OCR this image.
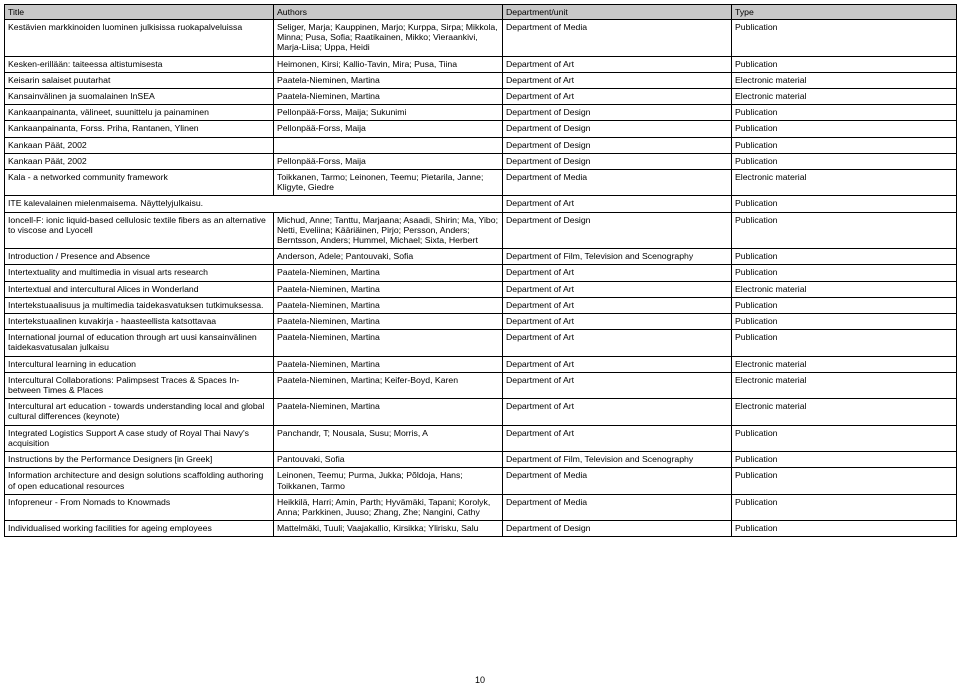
Title	Authors	Department/unit	Type
Kestävien markkinoiden luominen julkisissa ruokapalveluissa	Seliger, Marja; Kauppinen, Marjo; Kurppa, Sirpa; Mikkola, Minna; Pusa, Sofia; Raatikainen, Mikko; Vieraankivi, Marja-Liisa; Uppa, Heidi	Department of Media	Publication
Kesken-erillään: taiteessa altistumisesta	Heimonen, Kirsi; Kallio-Tavin, Mira; Pusa, Tiina	Department of Art	Publication
Keisarin salaiset puutarhat	Paatela-Nieminen, Martina	Department of Art	Electronic material
Kansainvälinen ja suomalainen InSEA	Paatela-Nieminen, Martina	Department of Art	Electronic material
Kankaanpainanta, välineet, suunittelu ja painaminen	Pellonpää-Forss, Maija; Sukunimi	Department of Design	Publication
Kankaanpainanta, Forss. Priha, Rantanen, Ylinen	Pellonpää-Forss, Maija	Department of Design	Publication
Kankaan Päät, 2002		Department of Design	Publication
Kankaan Päät, 2002	Pellonpää-Forss, Maija	Department of Design	Publication
Kala - a networked community framework	Toikkanen, Tarmo; Leinonen, Teemu; Pietarila, Janne; Kligyte, Giedre	Department of Media	Electronic material
ITE kalevalainen mielenmaisema. Näyttelyjulkaisu.		Department of Art	Publication
Ioncell-F: ionic liquid-based cellulosic textile fibers as an alternative to viscose and Lyocell	Michud, Anne; Tanttu, Marjaana; Asaadi, Shirin; Ma, Yibo; Netti, Eveliina; Kääriäinen, Pirjo; Persson, Anders; Berntsson, Anders; Hummel, Michael; Sixta, Herbert	Department of Design	Publication
Introduction / Presence and Absence	Anderson, Adele; Pantouvaki, Sofia	Department of Film, Television and Scenography	Publication
Intertextuality and multimedia in visual arts research	Paatela-Nieminen, Martina	Department of Art	Publication
Intertextual and intercultural Alices in Wonderland	Paatela-Nieminen, Martina	Department of Art	Electronic material
Intertekstuaalisuus ja multimedia taidekasvatuksen tutkimuksessa.	Paatela-Nieminen, Martina	Department of Art	Publication
Intertekstuaalinen kuvakirja - haasteellista katsottavaa	Paatela-Nieminen, Martina	Department of Art	Publication
International journal of education through art uusi kansainvälinen taidekasvatusalan julkaisu	Paatela-Nieminen, Martina	Department of Art	Publication
Intercultural learning in education	Paatela-Nieminen, Martina	Department of Art	Electronic material
Intercultural Collaborations: Palimpsest Traces & Spaces In-between Times & Places	Paatela-Nieminen, Martina; Keifer-Boyd, Karen	Department of Art	Electronic material
Intercultural art education - towards understanding local and global cultural differences (keynote)	Paatela-Nieminen, Martina	Department of Art	Electronic material
Integrated Logistics Support A case study of Royal Thai Navy's acquisition	Panchandr, T; Nousala, Susu; Morris, A	Department of Art	Publication
Instructions by the Performance Designers [in Greek]	Pantouvaki, Sofia	Department of Film, Television and Scenography	Publication
Information architecture and design solutions scaffolding authoring of open educational resources	Leinonen, Teemu; Purma, Jukka; Põldoja, Hans; Toikkanen, Tarmo	Department of Media	Publication
Infopreneur - From Nomads to Knowmads	Heikkilä, Harri; Amin, Parth; Hyvämäki, Tapani; Korolyk, Anna; Parkkinen, Juuso; Zhang, Zhe; Nangini, Cathy	Department of Media	Publication
Individualised working facilities for ageing employees	Mattelmäki, Tuuli; Vaajakallio, Kirsikka; Ylirisku, Salu	Department of Design	Publication
10
